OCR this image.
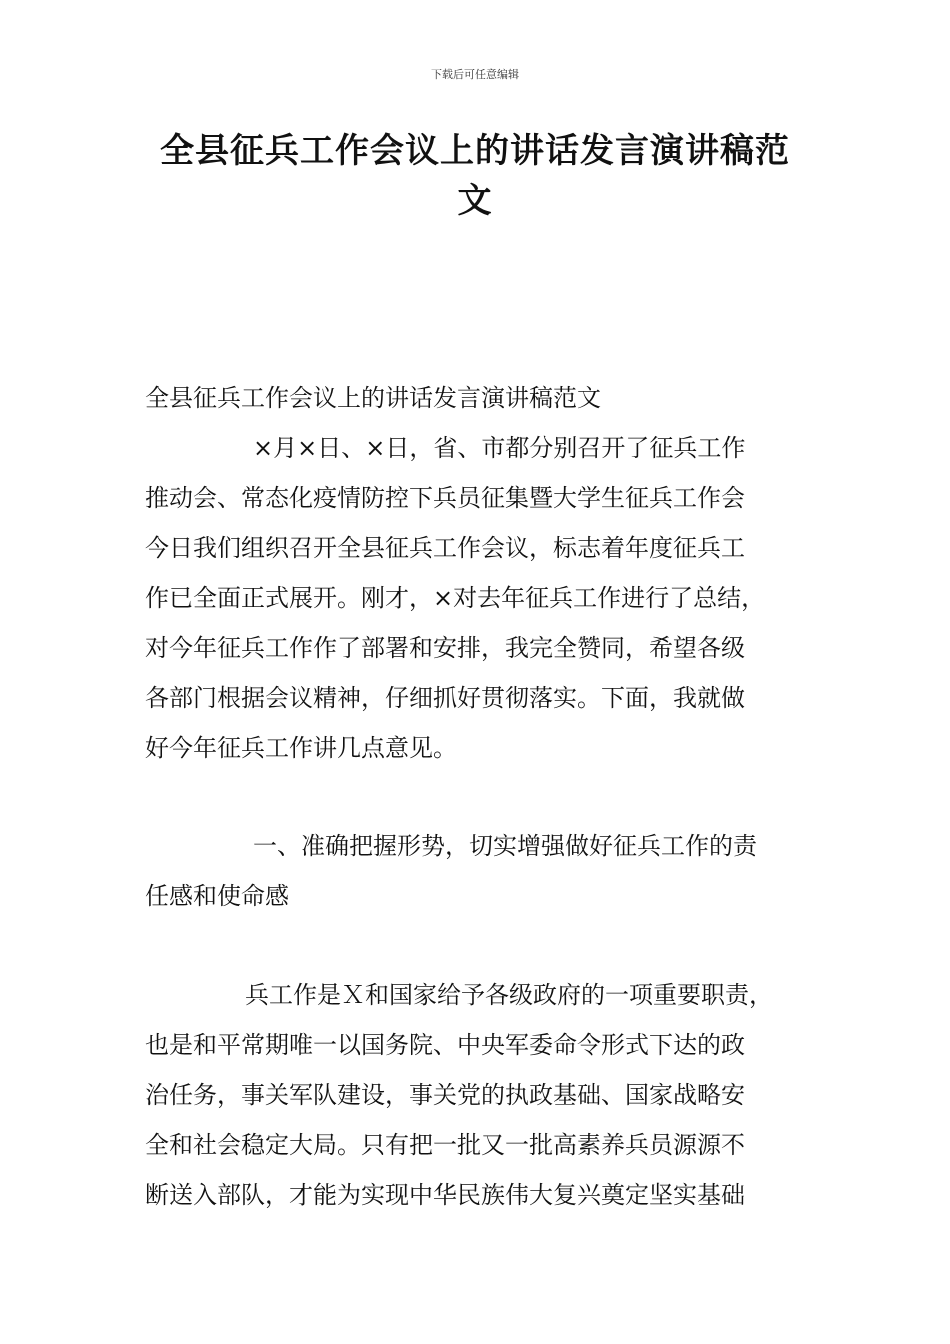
下载后可任意编辑
全县征兵工作会议上的讲话发言演讲稿范
文

全县征兵工作会议上的讲话发言演讲稿范文

×月×日、×日，省、市都分别召开了征兵工作
推动会、常态化疫情防控下兵员征集暨大学生征兵工作会
今日我们组织召开全县征兵工作会议，标志着年度征兵工
作已全面正式展开。刚才，×对去年征兵工作进行了总结，
对今年征兵工作作了部署和安排，我完全赞同，希望各级
各部门根据会议精神，仔细抓好贯彻落实。下面，我就做
好今年征兵工作讲几点意见。

一、准确把握形势，切实增强做好征兵工作的责
任感和使命感

兵工作是Ｘ和国家给予各级政府的一项重要职责，
也是和平常期唯一以国务院、中央军委命令形式下达的政
治任务，事关军队建设，事关党的执政基础、国家战略安
全和社会稳定大局。只有把一批又一批高素养兵员源源不
断送入部队，才能为实现中华民族伟大复兴奠定坚实基础
